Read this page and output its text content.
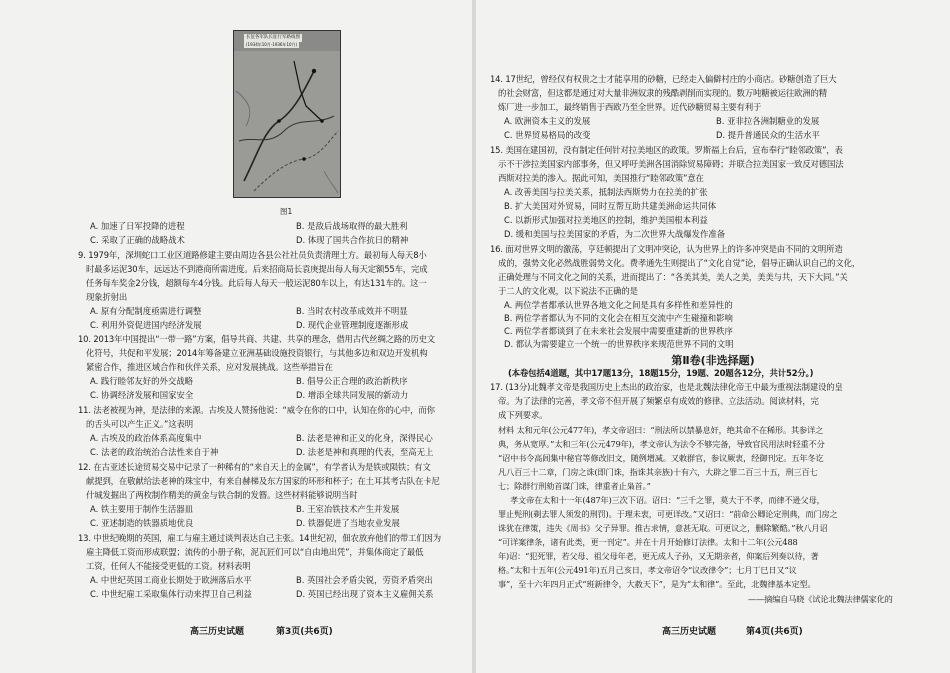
长征各军队长征行军路线图
(1934年10月-1936年10月)
图1
A. 加速了日军投降的进程	B. 是敌后战场取得的最大胜利
C. 采取了正确的战略战术	D. 体现了国共合作抗日的精神
9. 1979年，深圳蛇口工业区道路修建主要由周边各县公社社员负责清理土方。最初每人每天8小
时最多运泥30车，远远达不到港商所需进度。后来招商局长袁庚提出每人每天定额55车，完成
任务每车奖金2分钱，超额每车4分钱。此后每人每天一般运泥80车以上，有达131车的。这一
现象折射出
A. 原有分配制度亟需进行调整	B. 当时农村改革成效并不明显
C. 利用外资促进国内经济发展	D. 现代企业管理制度逐渐形成
10. 2013年中国提出“一带一路”方案，倡导共商、共建、共享的理念，借用古代丝绸之路的历史文
化符号，共促和平发展；2014年筹备建立亚洲基础设施投资银行，与其他多边和双边开发机构
紧密合作，推进区域合作和伙伴关系，应对发展挑战。这些举措旨在
A. 践行睦邻友好的外交战略	B. 倡导公正合理的政治新秩序
C. 协调经济发展和国家安全	D. 增添全球共同发展的新动力
11. 法老被视为神，是法律的来源。古埃及人赞扬他说：“威令在你的口中，认知在你的心中，而你
的舌头可以产生正义。”这表明
A. 古埃及的政治体系高度集中	B. 法老是神和正义的化身，深得民心
C. 法老的政治统治合法性来自于神	D. 法老是神和真理的代表，至高无上
12. 在古亚述长途贸易交易中记录了一种稀有的“来自天上的金属”，有学者认为是铁或陨铁；有文
献提到，在敬献给法老神的珠宝中，有来自赫梯及东方国家的环形和杯子；在土耳其考古队在卡尼
什城发掘出了两枚制作精美的黄金与铁合制的发簪。这些材料能够说明当时
A. 铁主要用于制作生活器皿	B. 王室冶铁技术产生并发展
C. 亚述制造的铁器质地优良	D. 铁器促进了当地农业发展
13. 中世纪晚期的英国，雇工与雇主通过谈判表达自己主张。14世纪初，佃农放弃他们的带工们因为
雇主降低工资而形成联盟；流传的小册子称，泥瓦匠们可以“自由地出凭”，并集体商定了最低
工资，任何人不能接受更低的工资。材料表明
A. 中世纪英国工商业长期处于欧洲落后水平	B. 英国社会矛盾尖锐，劳资矛盾突出
C. 中世纪雇工采取集体行动来捍卫自己利益	D. 英国已经出现了资本主义雇佣关系
高三历史试题	第3页(共6页)
14. 17世纪，曾经仅有权贵之士才能享用的砂糖，已经走入偏僻村庄的小商店。砂糖创造了巨大
的社会财富，但这都是通过对大量非洲奴隶的残酷剥削而实现的。数万吨糖被运往欧洲的精
炼厂进一步加工，最终销售于西欧乃至全世界。近代砂糖贸易主要有利于
A. 欧洲资本主义的发展	B. 亚非拉各洲制糖业的发展
C. 世界贸易格局的改变	D. 提升普通民众的生活水平
15. 美国在建国初，没有制定任何针对拉美地区的政策。罗斯福上台后，宣布奉行“睦邻政策”，表
示不干涉拉美国家内部事务，但又呼吁美洲各国消除贸易障碍；并联合拉美国家一致反对德国法
西斯对拉美的渗入。据此可知，美国推行“睦邻政策”意在
A. 改善美国与拉美关系，抵制法西斯势力在拉美的扩张
B. 扩大美国对外贸易，同时互帮互助共建美洲命运共同体
C. 以新形式加强对拉美地区的控制，维护美国根本利益
D. 缓和美国与拉美国家的矛盾，为二次世界大战爆发作准备
16. 面对世界文明的激荡，亨廷顿提出了文明冲突论，认为世界上的许多冲突是由不同的文明所造
成的，强势文化必然战胜弱势文化。费孝通先生则提出了“文化自觉”论，倡导正确认识自己的文化，
正确处理与不同文化之间的关系，进而提出了：“各美其美，美人之美，美美与共，天下大同。”关
于二人的文化观，以下说法不正确的是
A. 两位学者都承认世界各地文化之间是具有多样性和差异性的
B. 两位学者都认为不同的文化会在相互交流中产生碰撞和影响
C. 两位学者都谈到了在未来社会发展中需要重建新的世界秩序
D. 都认为需要建立一个统一的世界秩序来规范世界不同的文明
第Ⅱ卷(非选择题)
(本卷包括4道题，其中17题13分，18题15分，19题、20题各12分，共计52分。)
17. (13分)北魏孝文帝是我国历史上杰出的政治家，也是北魏法律化帝王中最为重视法制建设的皇
帝。为了法律的完善，孝文帝不但开展了频繁卓有成效的修律、立法活动。阅读材料，完
成下列要求。
材料 太和元年(公元477年)，孝文帝诏曰：“刑法所以禁暴息奸，绝其命不在稀形。其参详之
典，务从宽厚。”太和三年(公元479年)，孝文帝认为法令不够完备，导致官民用法时轻重不分
“诏中书令高闾集中秘官等修改旧文，随例增减。又敕群官，参议厥衷，经御刊定。五年冬讫
凡八百三十二章，门房之诛(即门诛，指诛其亲族)十有六，大辟之罪二百三十五，刑三百七
七；除群行刑劾首谋门诛，律重者止枭首。”
孝文帝在太和十一年(487年)三次下诏。诏曰：“三千之罪，莫大于不孝，而律不逊父母，
罪止髡刑(剃去罪人须发的刑罚)。于理未衷，可更详改。”又诏曰：“前命公卿论定刑典，而门房之
诛犹在律策，违失《周书》父子异罪。推古求情，意甚无取。可更议之，删除繁酷。”秋八月诏
“可详案律条，诸有此类，更一刊定”。并在十月开始修订法律。太和十二年(公元488
年)诏：“犯死罪，若父母、祖父母年老，更无成人子孙，又无期亲者，仰案后列奏以待，著
格。”太和十五年(公元491年)五月己亥日，孝文帝诏令“议改律令”；七月丁巳日又“议
事”，至十六年四月正式“班新律令，大赦天下”，是为“太和律”。至此，北魏律基本定型。
——摘编自马晓《试论北魏法律儒家化的
高三历史试题	第4页(共6页)
